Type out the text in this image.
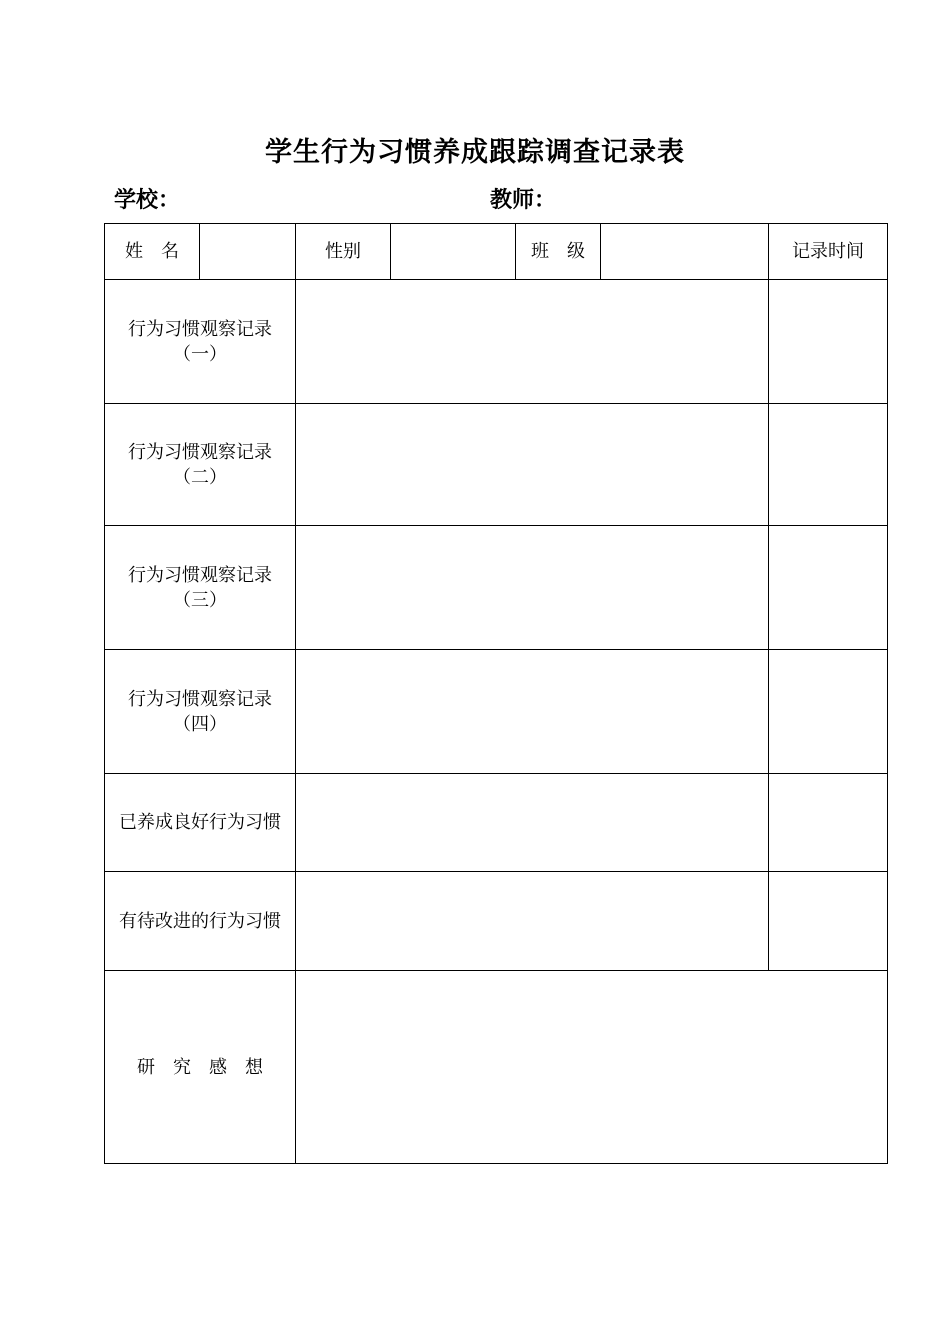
学生行为习惯养成跟踪调查记录表
学校：	教师：
姓　名		性别		班　级		记录时间

行为习惯观察记录
（一）						

行为习惯观察记录
（二）						

行为习惯观察记录
（三）						

行为习惯观察记录
（四）						

已养成良好行为习惯						
有待改进的行为习惯						
研究感想						
